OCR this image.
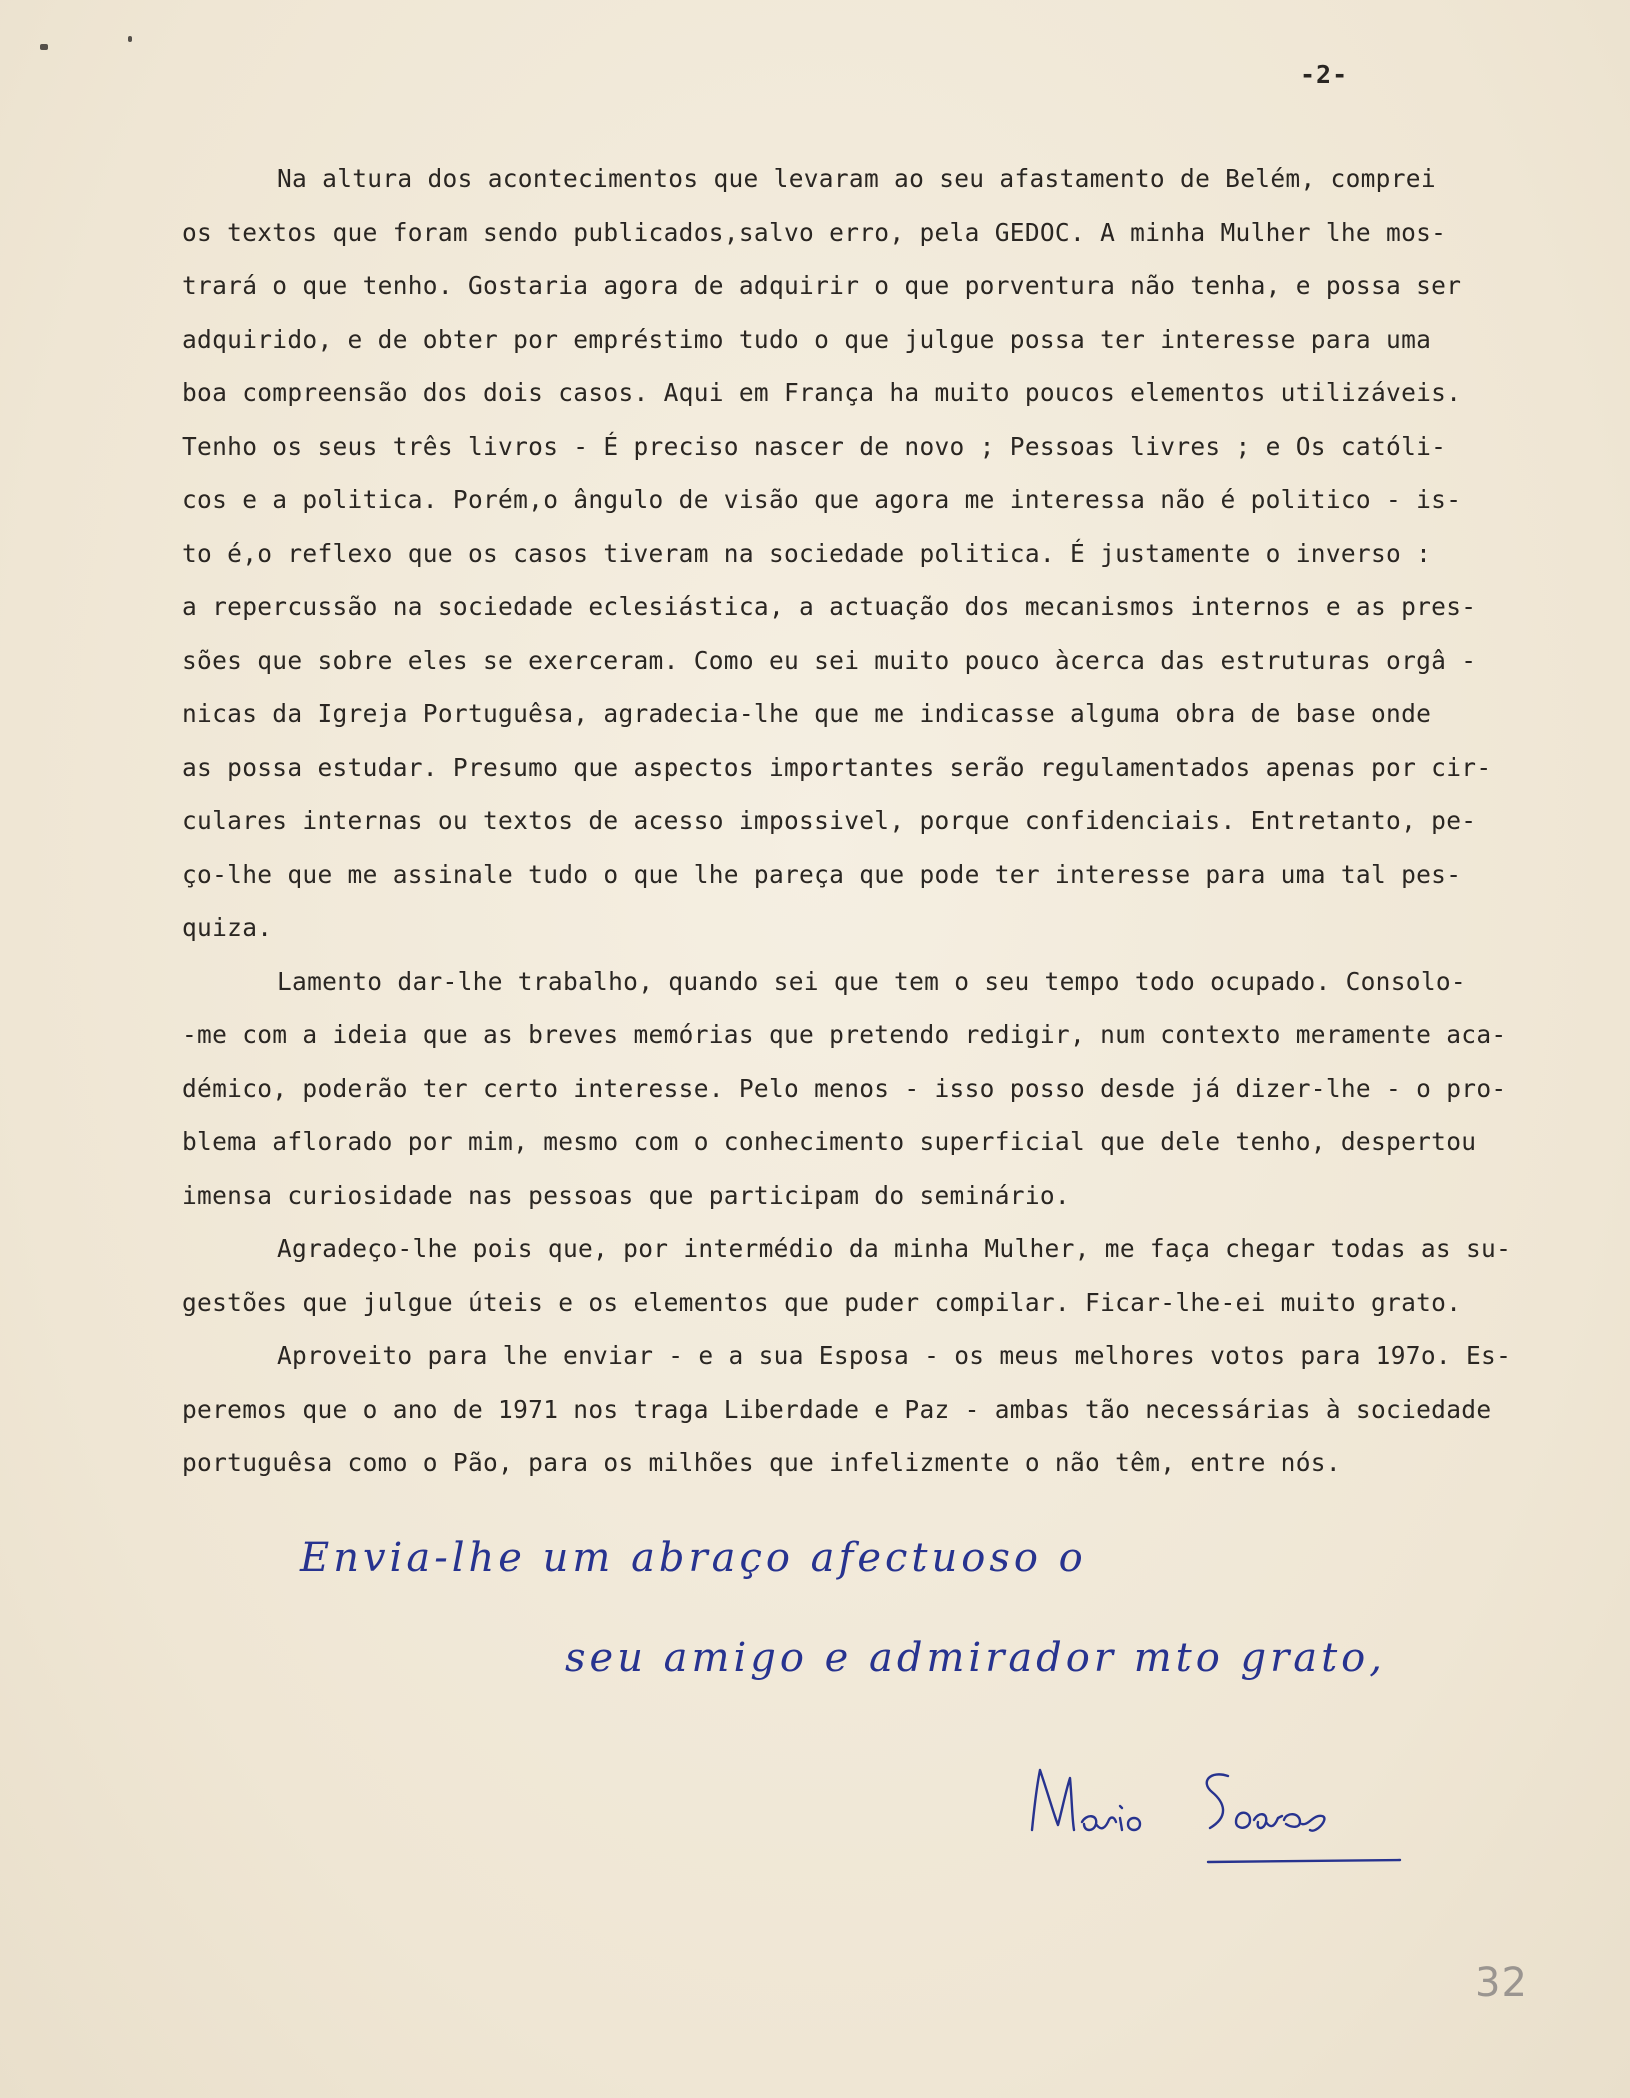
-2-
Na altura dos acontecimentos que levaram ao seu afastamento de Belém, comprei
os textos que foram sendo publicados,salvo erro, pela GEDOC. A minha Mulher lhe mos-
trará o que tenho. Gostaria agora de adquirir o que porventura não tenha, e possa ser
adquirido, e de obter por empréstimo tudo o que julgue possa ter interesse para uma
boa compreensão dos dois casos. Aqui em França ha muito poucos elementos utilizáveis.
Tenho os seus três livros - É preciso nascer de novo ; Pessoas livres ; e Os católi-
cos e a politica. Porém,o ângulo de visão que agora me interessa não é politico - is-
to é,o reflexo que os casos tiveram na sociedade politica. É justamente o inverso :
a repercussão na sociedade eclesiástica, a actuação dos mecanismos internos e as pres-
sões que sobre eles se exerceram. Como eu sei muito pouco àcerca das estruturas orgâ -
nicas da Igreja Portuguêsa, agradecia-lhe que me indicasse alguma obra de base onde
as possa estudar. Presumo que aspectos importantes serão regulamentados apenas por cir-
culares internas ou textos de acesso impossivel, porque confidenciais. Entretanto, pe-
ço-lhe que me assinale tudo o que lhe pareça que pode ter interesse para uma tal pes-
quiza.
Lamento dar-lhe trabalho, quando sei que tem o seu tempo todo ocupado. Consolo-
-me com a ideia que as breves memórias que pretendo redigir, num contexto meramente aca-
démico, poderão ter certo interesse. Pelo menos - isso posso desde já dizer-lhe - o pro-
blema aflorado por mim, mesmo com o conhecimento superficial que dele tenho, despertou
imensa curiosidade nas pessoas que participam do seminário.
Agradeço-lhe pois que, por intermédio da minha Mulher, me faça chegar todas as su-
gestões que julgue úteis e os elementos que puder compilar. Ficar-lhe-ei muito grato.
Aproveito para lhe enviar - e a sua Esposa - os meus melhores votos para 197o. Es-
peremos que o ano de 1971 nos traga Liberdade e Paz - ambas tão necessárias à sociedade
portuguêsa como o Pão, para os milhões que infelizmente o não têm, entre nós.
Envia-lhe um abraço afectuoso o
seu amigo e admirador mto grato,
32
